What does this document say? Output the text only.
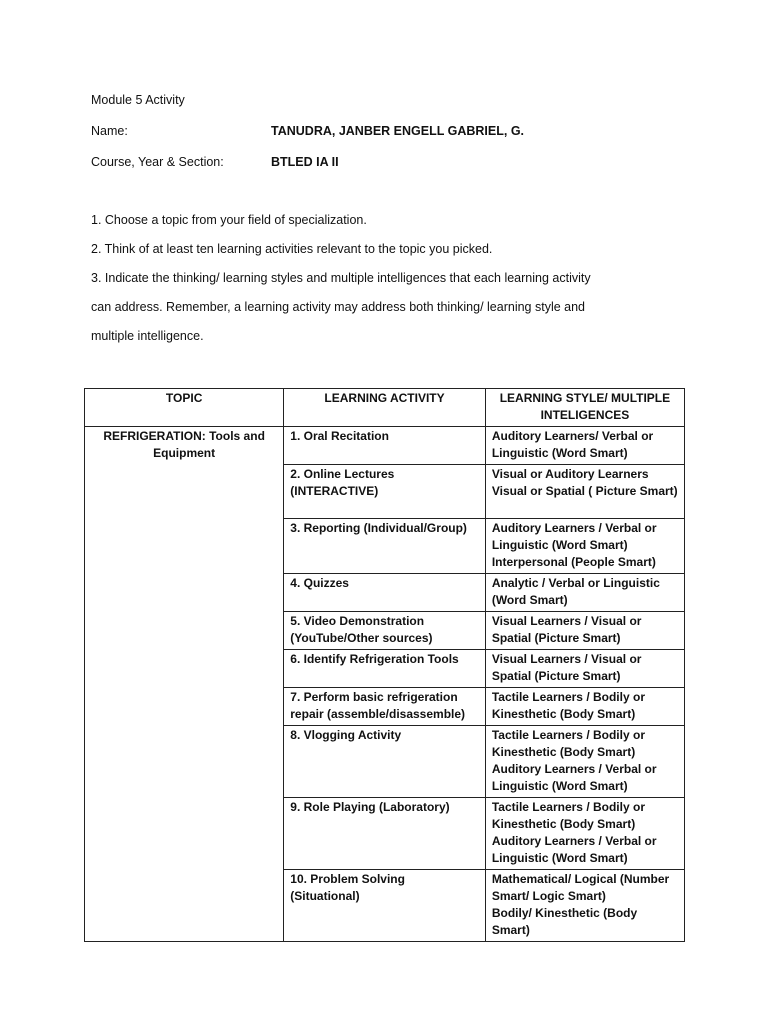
Module 5 Activity
Name:	TANUDRA, JANBER ENGELL GABRIEL, G.
Course, Year & Section:	BTLED IA II
1. Choose a topic from your field of specialization.
2. Think of at least ten learning activities relevant to the topic you picked.
3. Indicate the thinking/ learning styles and multiple intelligences that each learning activity
can address. Remember, a learning activity may address both thinking/ learning style and
multiple intelligence.
TOPIC	LEARNING ACTIVITY	LEARNING STYLE/ MULTIPLE INTELIGENCES
REFRIGERATION: Tools and Equipment	1. Oral Recitation	Auditory Learners/ Verbal or
Linguistic (Word Smart)

	2. Online Lectures
(INTERACTIVE)	Visual or Auditory Learners
Visual or Spatial ( Picture Smart)

	3. Reporting (Individual/Group)	Auditory Learners / Verbal or
Linguistic (Word Smart)
Interpersonal (People Smart)

	4. Quizzes	Analytic / Verbal or Linguistic
(Word Smart)

	5. Video Demonstration
(YouTube/Other sources)	Visual Learners / Visual or
Spatial (Picture Smart)

	6. Identify Refrigeration Tools	Visual Learners / Visual or
Spatial (Picture Smart)

	7. Perform basic refrigeration
repair (assemble/disassemble)	Tactile Learners / Bodily or
Kinesthetic (Body Smart)

	8. Vlogging Activity	Tactile Learners / Bodily or
Kinesthetic (Body Smart)
Auditory Learners / Verbal or
Linguistic (Word Smart)

	9. Role Playing (Laboratory)	Tactile Learners / Bodily or
Kinesthetic (Body Smart)
Auditory Learners / Verbal or
Linguistic (Word Smart)

	10. Problem Solving
(Situational)	Mathematical/ Logical (Number
Smart/ Logic Smart)
Bodily/ Kinesthetic (Body
Smart)
